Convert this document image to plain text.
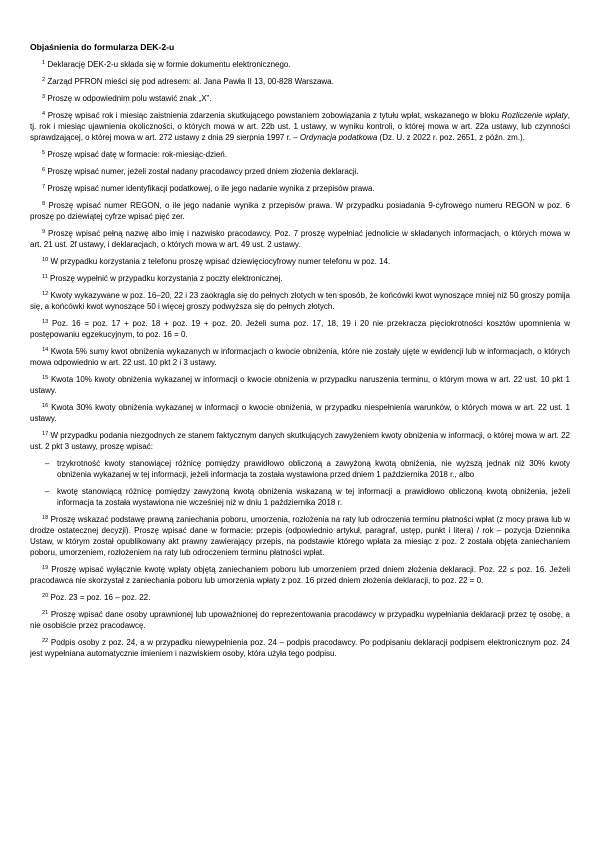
Objaśnienia do formularza DEK-2-u

$^1$ Deklarację DEK-2-u składa się w formie dokumentu elektronicznego.

$^2$ Zarząd PFRON mieści się pod adresem: al. Jana Pawła II 13, 00-828 Warszawa.

$^3$ Proszę w odpowiednim polu wstawić znak „X”.

$^4$ Proszę wpisać rok i miesiąc zaistnienia zdarzenia skutkującego powstaniem zobowiązania z tytułu wpłat, wskazanego w bloku Rozliczenie wpłaty, tj. rok i miesiąc ujawnienia okoliczności, o których mowa w art. 22b ust. 1 ustawy, w wyniku kontroli, o której mowa w art. 22a ustawy, lub czynności sprawdzającej, o której mowa w art. 272 ustawy z dnia 29 sierpnia 1997 r. – Ordynacja podatkowa (Dz. U. z 2022 r. poz. 2651, z późn. zm.).

$^5$ Proszę wpisać datę w formacie: rok-miesiąc-dzień.

$^6$ Proszę wpisać numer, jeżeli został nadany pracodawcy przed dniem złożenia deklaracji.

$^7$ Proszę wpisać numer identyfikacji podatkowej, o ile jego nadanie wynika z przepisów prawa.

$^8$ Proszę wpisać numer REGON, o ile jego nadanie wynika z przepisów prawa. W przypadku posiadania 9-cyfrowego numeru REGON w poz. 6 proszę po dziewiątej cyfrze wpisać pięć zer.

$^9$ Proszę wpisać pełną nazwę albo imię i nazwisko pracodawcy. Poz. 7 proszę wypełniać jednolicie w składanych informacjach, o których mowa w art. 21 ust. 2f ustawy, i deklaracjach, o których mowa w art. 49 ust. 2 ustawy.

$^{10}$ W przypadku korzystania z telefonu proszę wpisać dziewięciocyfrowy numer telefonu w poz. 14.

$^{11}$ Proszę wypełnić w przypadku korzystania z poczty elektronicznej.

$^{12}$ Kwoty wykazywane w poz. 16–20, 22 i 23 zaokrągla się do pełnych złotych w ten sposób, że końcówki kwot wynoszące mniej niż 50 groszy pomija się, a końcówki kwot wynoszące 50 i więcej groszy podwyższa się do pełnych złotych.

$^{13}$ Poz. 16 = poz. 17 + poz. 18 + poz. 19 + poz. 20. Jeżeli suma poz. 17, 18, 19 i 20 nie przekracza pięciokrotności kosztów upomnienia w postępowaniu egzekucyjnym, to poz. 16 = 0.

$^{14}$ Kwota 5% sumy kwot obniżenia wykazanych w informacjach o kwocie obniżenia, które nie zostały ujęte w ewidencji lub w informacjach, o których mowa odpowiednio w art. 22 ust. 10 pkt 2 i 3 ustawy.

$^{15}$ Kwota 10% kwoty obniżenia wykazanej w informacji o kwocie obniżenia w przypadku naruszenia terminu, o którym mowa w art. 22 ust. 10 pkt 1 ustawy.

$^{16}$ Kwota 30% kwoty obniżenia wykazanej w informacji o kwocie obniżenia, w przypadku niespełnienia warunków, o których mowa w art. 22 ust. 1 ustawy.

$^{17}$ W przypadku podania niezgodnych ze stanem faktycznym danych skutkujących zawyżeniem kwoty obniżenia w informacji, o której mowa w art. 22 ust. 2 pkt 3 ustawy, proszę wpisać:

– trzykrotność kwoty stanowiącej różnicę pomiędzy prawidłowo obliczoną a zawyżoną kwotą obniżenia, nie wyższą jednak niż 30% kwoty obniżenia wykazanej w tej informacji, jeżeli informacja ta została wystawiona przed dniem 1 października 2018 r., albo

– kwotę stanowiącą różnicę pomiędzy zawyżoną kwotą obniżenia wskazaną w tej informacji a prawidłowo obliczoną kwotą obniżenia, jeżeli informacja ta została wystawiona nie wcześniej niż w dniu 1 października 2018 r.

$^{18}$ Proszę wskazać podstawę prawną zaniechania poboru, umorzenia, rozłożenia na raty lub odroczenia terminu płatności wpłat (z mocy prawa lub w drodze ostatecznej decyzji). Proszę wpisać dane w formacie: przepis (odpowiednio artykuł, paragraf, ustęp, punkt i litera) / rok – pozycja Dziennika Ustaw, w którym został opublikowany akt prawny zawierający przepis, na podstawie którego wpłata za miesiąc z poz. 2 została objęta zaniechaniem poboru, umorzeniem, rozłożeniem na raty lub odroczeniem terminu płatności wpłat.

$^{19}$ Proszę wpisać wyłącznie kwotę wpłaty objętą zaniechaniem poboru lub umorzeniem przed dniem złożenia deklaracji. Poz. 22 ≤ poz. 16. Jeżeli pracodawca nie skorzystał z zaniechania poboru lub umorzenia wpłaty z poz. 16 przed dniem złożenia deklaracji, to poz. 22 = 0.

$^{20}$ Poz. 23 = poz. 16 – poz. 22.

$^{21}$ Proszę wpisać dane osoby uprawnionej lub upoważnionej do reprezentowania pracodawcy w przypadku wypełniania deklaracji przez tę osobę, a nie osobiście przez pracodawcę.

$^{22}$ Podpis osoby z poz. 24, a w przypadku niewypełnienia poz. 24 – podpis pracodawcy. Po podpisaniu deklaracji podpisem elektronicznym poz. 24 jest wypełniana automatycznie imieniem i nazwiskiem osoby, która użyła tego podpisu.
